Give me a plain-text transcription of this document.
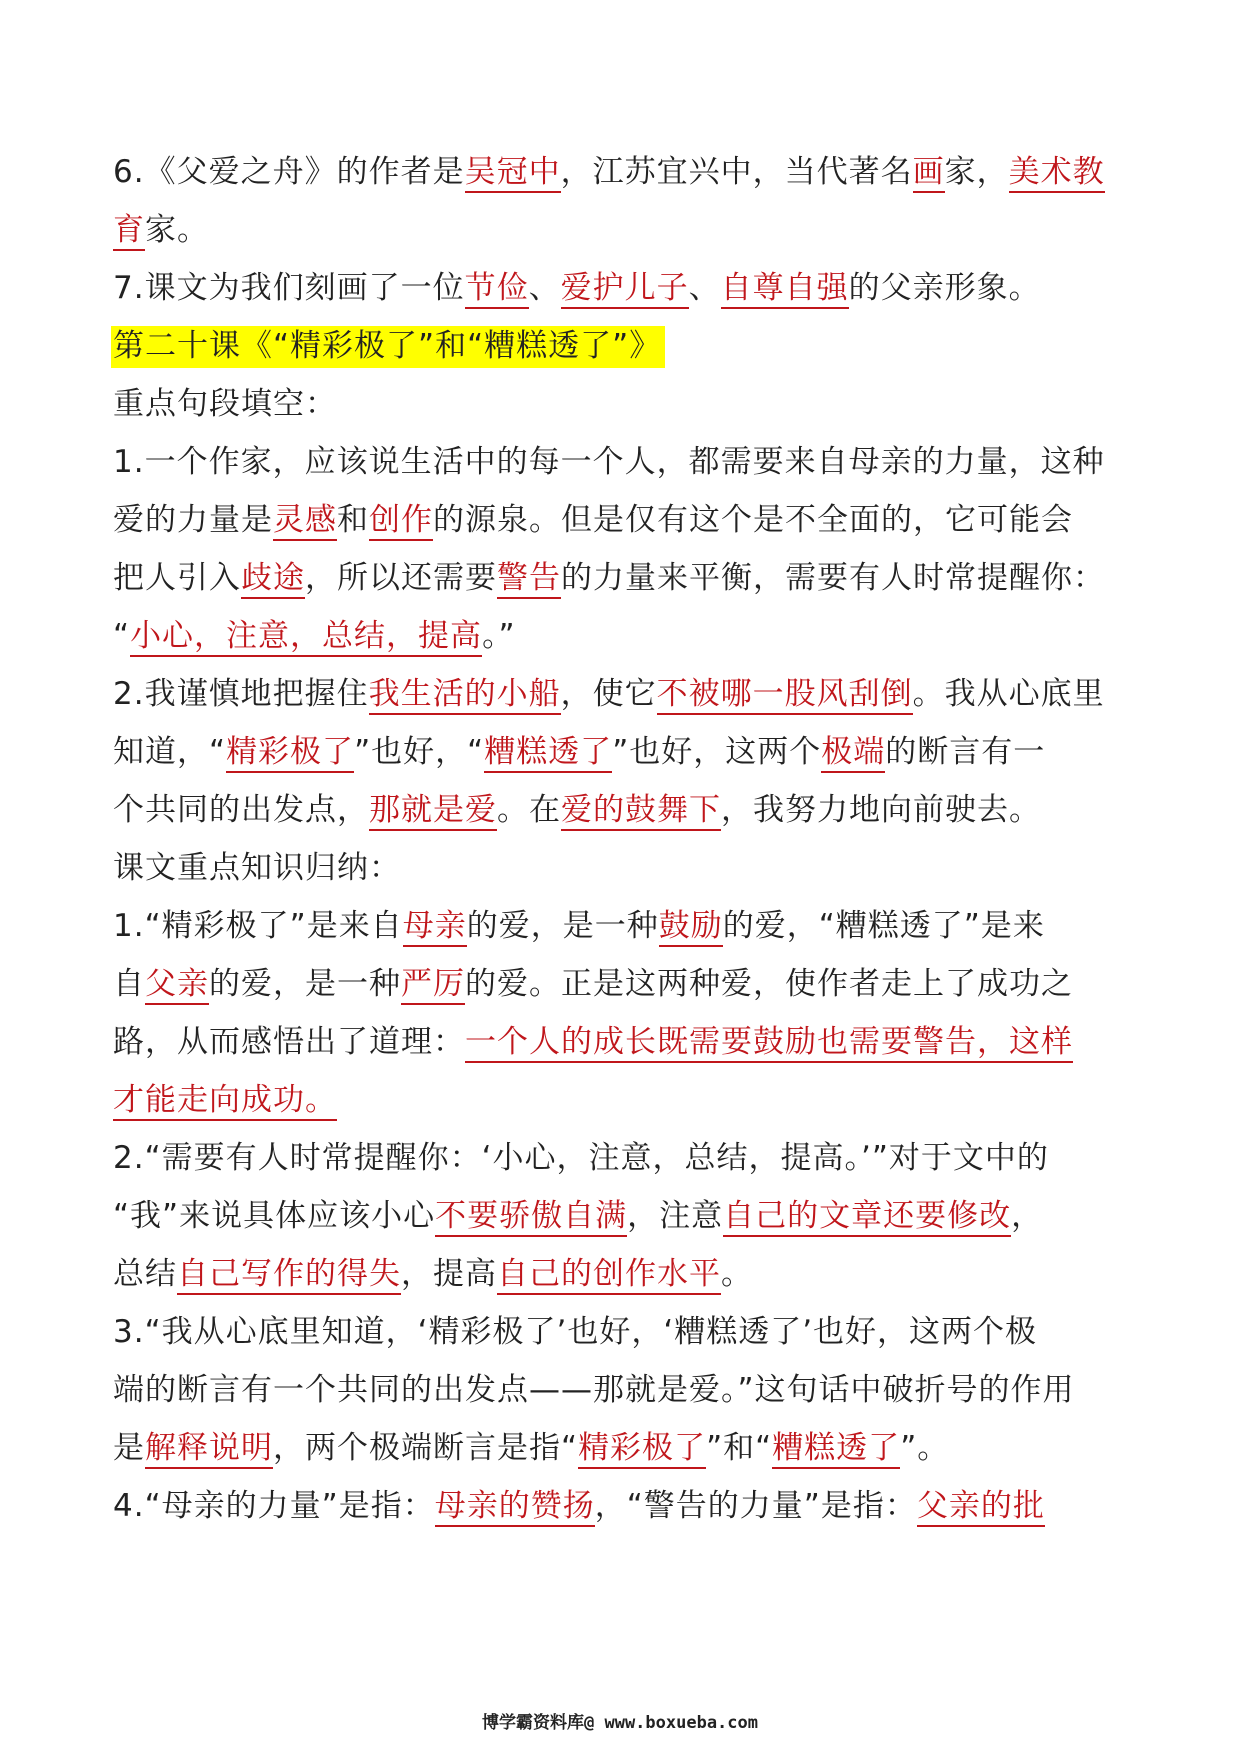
6.《父爱之舟》的作者是吴冠中，江苏宜兴中，当代著名画家，美术教
育家。
7.课文为我们刻画了一位节俭、爱护儿子、自尊自强的父亲形象。
第二十课《“精彩极了”和“糟糕透了”》
重点句段填空：
1.一个作家，应该说生活中的每一个人，都需要来自母亲的力量，这种
爱的力量是灵感和创作的源泉。但是仅有这个是不全面的，它可能会
把人引入歧途，所以还需要警告的力量来平衡，需要有人时常提醒你：
“小心，注意，总结，提高。”
2.我谨慎地把握住我生活的小船，使它不被哪一股风刮倒。我从心底里
知道，“精彩极了”也好，“糟糕透了”也好，这两个极端的断言有一
个共同的出发点，那就是爱。在爱的鼓舞下，我努力地向前驶去。
课文重点知识归纳：
1.“精彩极了”是来自母亲的爱，是一种鼓励的爱，“糟糕透了”是来
自父亲的爱，是一种严厉的爱。正是这两种爱，使作者走上了成功之
路，从而感悟出了道理：一个人的成长既需要鼓励也需要警告，这样
才能走向成功。
2.“需要有人时常提醒你：‘小心，注意，总结，提高。’”对于文中的
“我”来说具体应该小心不要骄傲自满，注意自己的文章还要修改，
总结自己写作的得失，提高自己的创作水平。
3.“我从心底里知道，‘精彩极了’也好，‘糟糕透了’也好，这两个极
端的断言有一个共同的出发点——那就是爱。”这句话中破折号的作用
是解释说明，两个极端断言是指“精彩极了”和“糟糕透了”。
4.“母亲的力量”是指：母亲的赞扬，“警告的力量”是指：父亲的批
博学霸资料库@ www.boxueba.com
